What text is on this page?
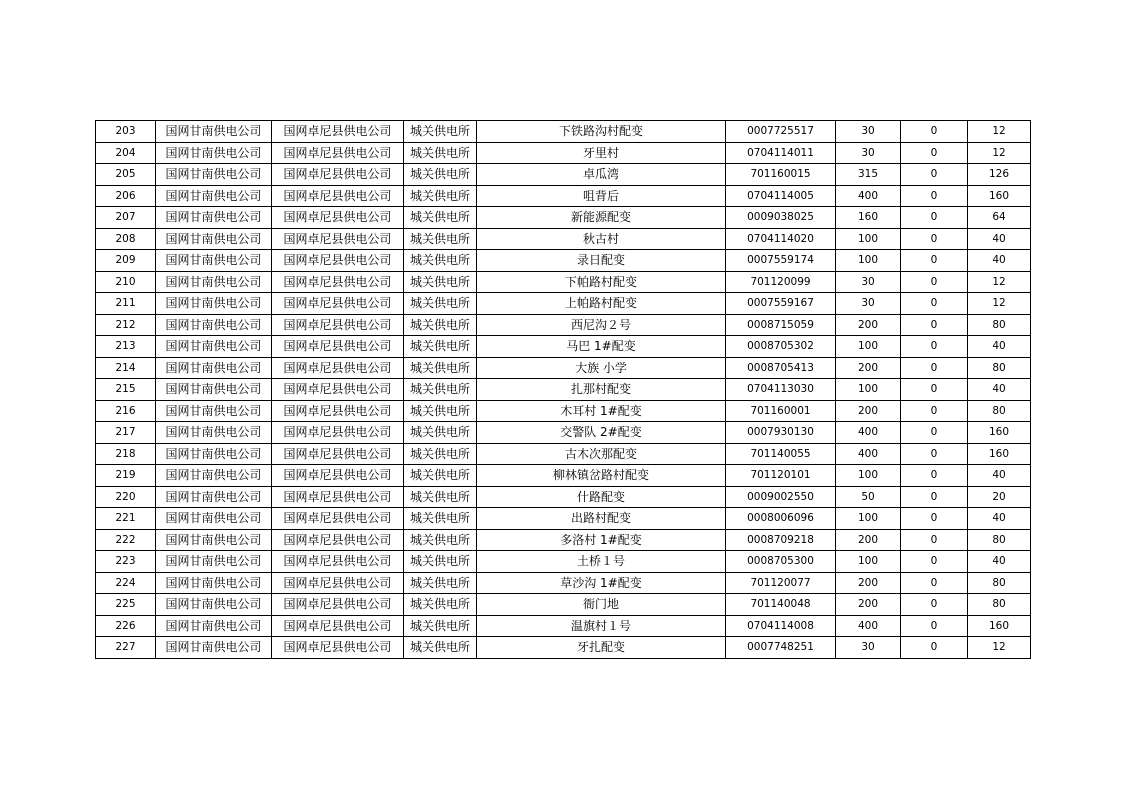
203	国网甘南供电公司	国网卓尼县供电公司	城关供电所	下铁路沟村配变	0007725517	30	0	12
204	国网甘南供电公司	国网卓尼县供电公司	城关供电所	牙里村	0704114011	30	0	12
205	国网甘南供电公司	国网卓尼县供电公司	城关供电所	卓瓜湾	701160015	315	0	126
206	国网甘南供电公司	国网卓尼县供电公司	城关供电所	咀背后	0704114005	400	0	160
207	国网甘南供电公司	国网卓尼县供电公司	城关供电所	新能源配变	0009038025	160	0	64
208	国网甘南供电公司	国网卓尼县供电公司	城关供电所	秋古村	0704114020	100	0	40
209	国网甘南供电公司	国网卓尼县供电公司	城关供电所	录日配变	0007559174	100	0	40
210	国网甘南供电公司	国网卓尼县供电公司	城关供电所	下帕路村配变	701120099	30	0	12
211	国网甘南供电公司	国网卓尼县供电公司	城关供电所	上帕路村配变	0007559167	30	0	12
212	国网甘南供电公司	国网卓尼县供电公司	城关供电所	西尼沟２号	0008715059	200	0	80
213	国网甘南供电公司	国网卓尼县供电公司	城关供电所	马巴 1#配变	0008705302	100	0	40
214	国网甘南供电公司	国网卓尼县供电公司	城关供电所	大族 小学	0008705413	200	0	80
215	国网甘南供电公司	国网卓尼县供电公司	城关供电所	扎那村配变	0704113030	100	0	40
216	国网甘南供电公司	国网卓尼县供电公司	城关供电所	木耳村 1#配变	701160001	200	0	80
217	国网甘南供电公司	国网卓尼县供电公司	城关供电所	交警队 2#配变	0007930130	400	0	160
218	国网甘南供电公司	国网卓尼县供电公司	城关供电所	古木次那配变	701140055	400	0	160
219	国网甘南供电公司	国网卓尼县供电公司	城关供电所	柳林镇岔路村配变	701120101	100	0	40
220	国网甘南供电公司	国网卓尼县供电公司	城关供电所	什路配变	0009002550	50	0	20
221	国网甘南供电公司	国网卓尼县供电公司	城关供电所	出路村配变	0008006096	100	0	40
222	国网甘南供电公司	国网卓尼县供电公司	城关供电所	多洛村 1#配变	0008709218	200	0	80
223	国网甘南供电公司	国网卓尼县供电公司	城关供电所	土桥１号	0008705300	100	0	40
224	国网甘南供电公司	国网卓尼县供电公司	城关供电所	草沙沟 1#配变	701120077	200	0	80
225	国网甘南供电公司	国网卓尼县供电公司	城关供电所	衙门地	701140048	200	0	80
226	国网甘南供电公司	国网卓尼县供电公司	城关供电所	温旗村１号	0704114008	400	0	160
227	国网甘南供电公司	国网卓尼县供电公司	城关供电所	牙扎配变	0007748251	30	0	12
